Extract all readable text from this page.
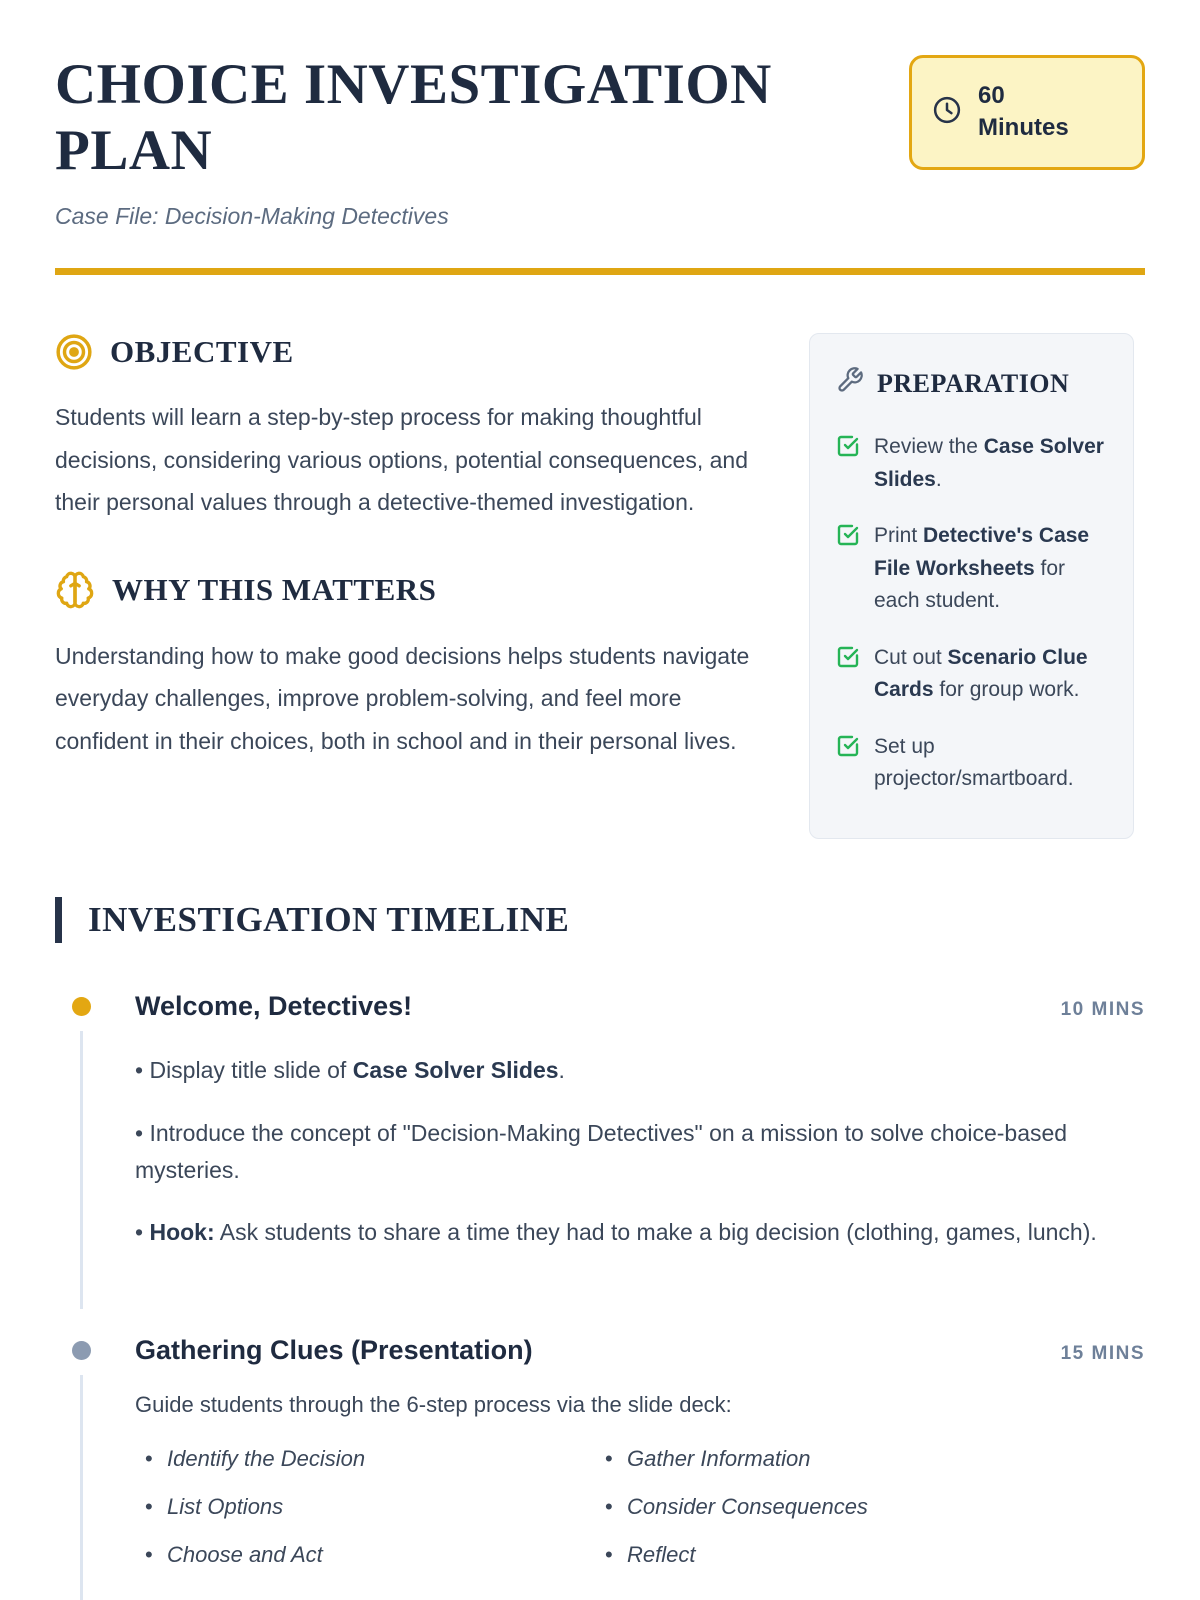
60
Minutes
CHOICE INVESTIGATION PLAN
Case File: Decision-Making Detectives
OBJECTIVE

Students will learn a step-by-step process for making thoughtful decisions, considering various options, potential consequences, and their personal values through a detective-themed investigation.

WHY THIS MATTERS

Understanding how to make good decisions helps students navigate everyday challenges, improve problem-solving, and feel more confident in their choices, both in school and in their personal lives.

PREPARATION
Review the Case Solver Slides.
Print Detective's Case File Worksheets for each student.
Cut out Scenario Clue Cards for group work.
Set up projector/smartboard.
INVESTIGATION TIMELINE
Welcome, Detectives!	10 MINS

• Display title slide of Case Solver Slides.

• Introduce the concept of "Decision-Making Detectives" on a mission to solve choice-based mysteries.

• Hook: Ask students to share a time they had to make a big decision (clothing, games, lunch).

Gathering Clues (Presentation)	15 MINS

Guide students through the 6-step process via the slide deck:

• Identify the Decision
• List Options
• Choose and Act
• Gather Information
• Consider Consequences
• Reflect
